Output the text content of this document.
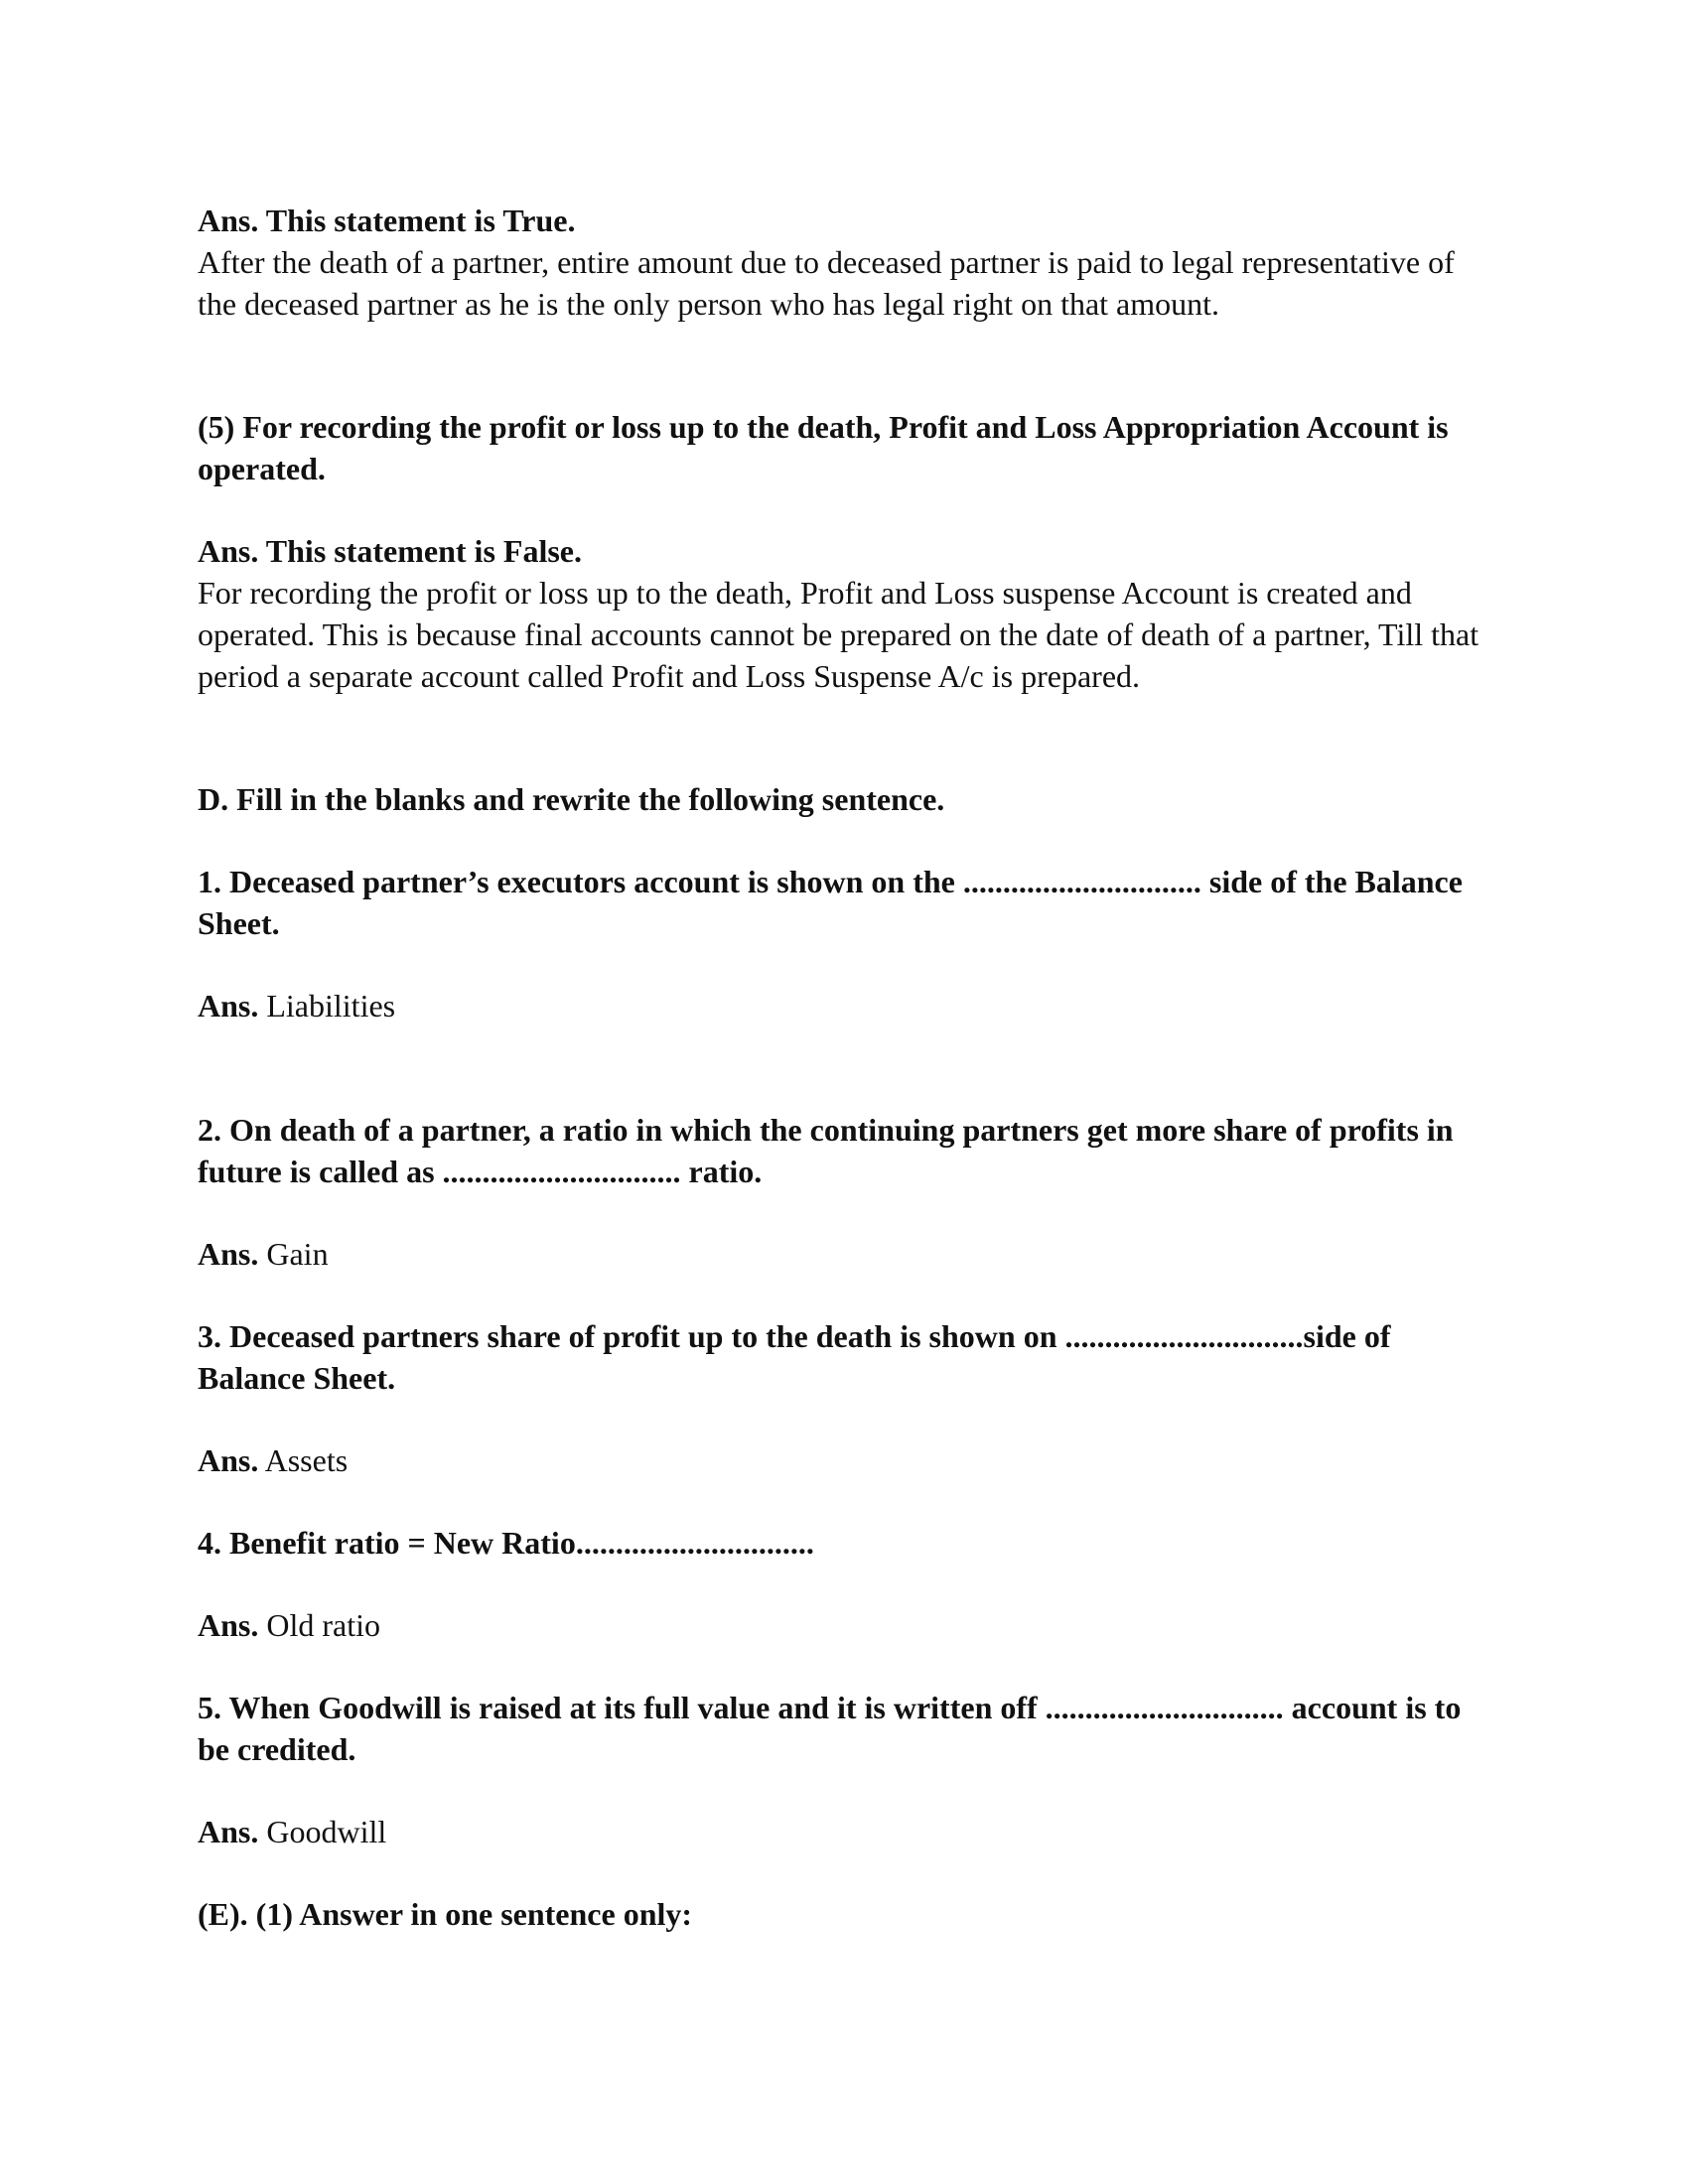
Ans. This statement is True.

After the death of a partner, entire amount due to deceased partner is paid to legal representative of the deceased partner as he is the only person who has legal right on that amount.

(5) For recording the profit or loss up to the death, Profit and Loss Appropriation Account is operated.

Ans. This statement is False.

For recording the profit or loss up to the death, Profit and Loss suspense Account is created and operated. This is because final accounts cannot be prepared on the date of death of a partner, Till that period a separate account called Profit and Loss Suspense A/c is prepared.

D. Fill in the blanks and rewrite the following sentence.

1. Deceased partner’s executors account is shown on the .............................. side of the Balance Sheet.

Ans. Liabilities

2. On death of a partner, a ratio in which the continuing partners get more share of profits in future is called as .............................. ratio.

Ans. Gain

3. Deceased partners share of profit up to the death is shown on ..............................side of Balance Sheet.

Ans. Assets

4. Benefit ratio = New Ratio..............................

Ans. Old ratio

5. When Goodwill is raised at its full value and it is written off .............................. account is to be credited.

Ans. Goodwill

(E). (1) Answer in one sentence only:
